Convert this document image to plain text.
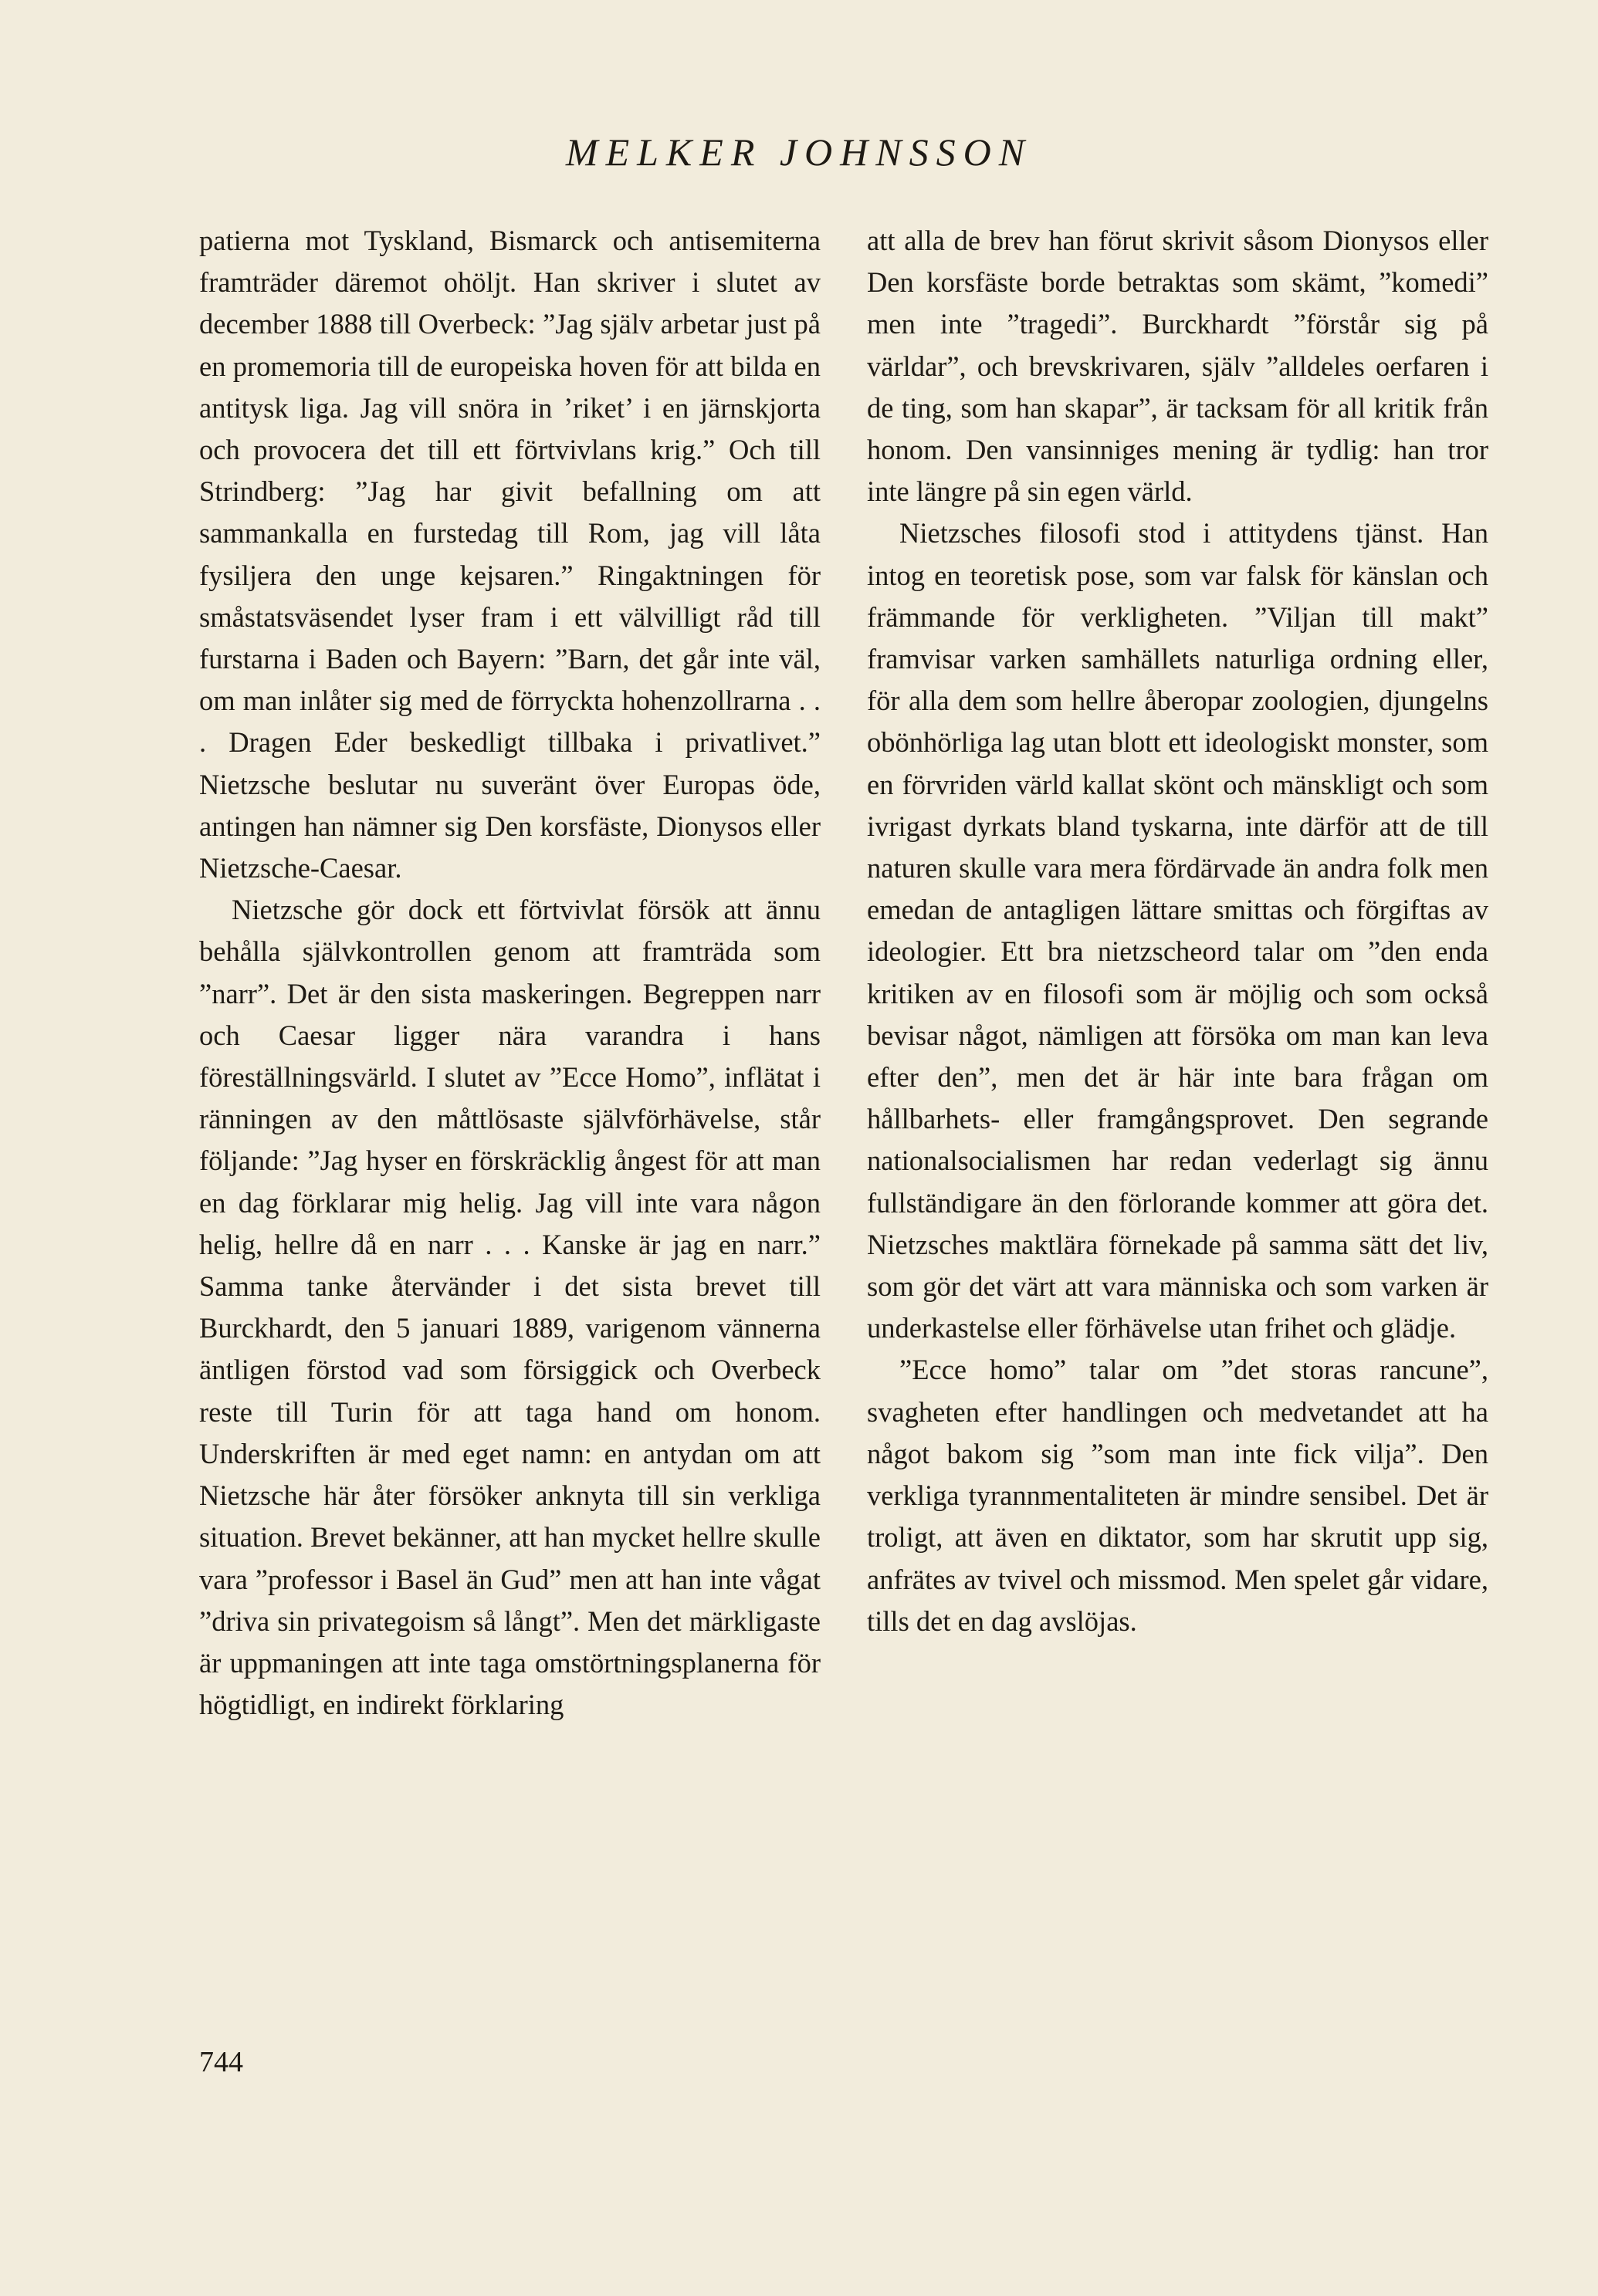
MELKER JOHNSSON

patierna mot Tyskland, Bismarck och antisemiterna framträder däremot ohöljt. Han skriver i slutet av december 1888 till Overbeck: ”Jag själv arbetar just på en promemoria till de europeiska hoven för att bilda en antitysk liga. Jag vill snöra in ’riket’ i en järnskjorta och provocera det till ett förtvivlans krig.” Och till Strindberg: ”Jag har givit befallning om att sammankalla en furstedag till Rom, jag vill låta fysiljera den unge kejsaren.” Ringaktningen för småstatsväsendet lyser fram i ett välvilligt råd till furstarna i Baden och Bayern: ”Barn, det går inte väl, om man inlåter sig med de förryckta hohenzollrarna . . . Dragen Eder beskedligt tillbaka i privatlivet.” Nietzsche beslutar nu suveränt över Europas öde, antingen han nämner sig Den korsfäste, Dionysos eller Nietzsche-Caesar.

Nietzsche gör dock ett förtvivlat försök att ännu behålla självkontrollen genom att framträda som ”narr”. Det är den sista maskeringen. Begreppen narr och Caesar ligger nära varandra i hans föreställningsvärld. I slutet av ”Ecce Homo”, inflätat i ränningen av den måttlösaste självförhävelse, står följande: ”Jag hyser en förskräcklig ångest för att man en dag förklarar mig helig. Jag vill inte vara någon helig, hellre då en narr . . . Kanske är jag en narr.” Samma tanke återvänder i det sista brevet till Burckhardt, den 5 januari 1889, varigenom vännerna äntligen förstod vad som försiggick och Overbeck reste till Turin för att taga hand om honom. Underskriften är med eget namn: en antydan om att Nietzsche här åter försöker anknyta till sin verkliga situation. Brevet bekänner, att han mycket hellre skulle vara ”professor i Basel än Gud” men att han inte vågat ”driva sin privategoism så långt”. Men det märkligaste är uppmaningen att inte taga omstörtningsplanerna för högtidligt, en indirekt förklaring

att alla de brev han förut skrivit såsom Dionysos eller Den korsfäste borde betraktas som skämt, ”komedi” men inte ”tragedi”. Burckhardt ”förstår sig på världar”, och brevskrivaren, själv ”alldeles oerfaren i de ting, som han skapar”, är tacksam för all kritik från honom. Den vansinniges mening är tydlig: han tror inte längre på sin egen värld.

Nietzsches filosofi stod i attitydens tjänst. Han intog en teoretisk pose, som var falsk för känslan och främmande för verkligheten. ”Viljan till makt” framvisar varken samhällets naturliga ordning eller, för alla dem som hellre åberopar zoologien, djungelns obönhörliga lag utan blott ett ideologiskt monster, som en förvriden värld kallat skönt och mänskligt och som ivrigast dyrkats bland tyskarna, inte därför att de till naturen skulle vara mera fördärvade än andra folk men emedan de antagligen lättare smittas och förgiftas av ideologier. Ett bra nietzscheord talar om ”den enda kritiken av en filosofi som är möjlig och som också bevisar något, nämligen att försöka om man kan leva efter den”, men det är här inte bara frågan om hållbarhets- eller framgångsprovet. Den segrande nationalsocialismen har redan vederlagt sig ännu fullständigare än den förlorande kommer att göra det. Nietzsches maktlära förnekade på samma sätt det liv, som gör det värt att vara människa och som varken är underkastelse eller förhävelse utan frihet och glädje.

”Ecce homo” talar om ”det storas rancune”, svagheten efter handlingen och medvetandet att ha något bakom sig ”som man inte fick vilja”. Den verkliga tyrannmentaliteten är mindre sensibel. Det är troligt, att även en diktator, som har skrutit upp sig, anfrätes av tvivel och missmod. Men spelet går vidare, tills det en dag avslöjas.

744
